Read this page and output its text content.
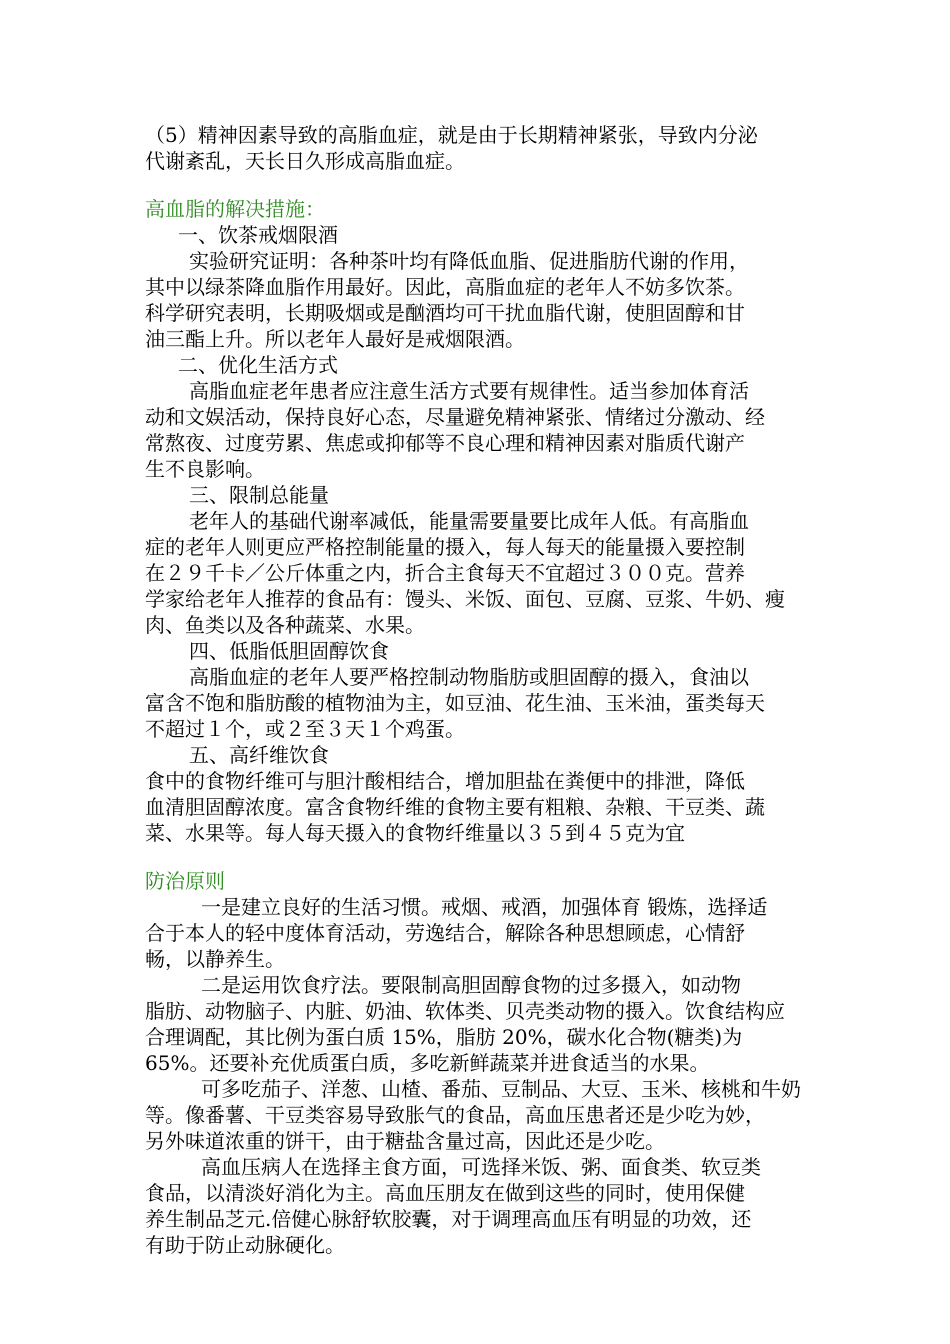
（5）精神因素导致的高脂血症，就是由于长期精神紧张，导致内分泌
代谢紊乱，天长日久形成高脂血症。
高血脂的解决措施：
一、饮茶戒烟限酒
实验研究证明：各种茶叶均有降低血脂、促进脂肪代谢的作用，
其中以绿茶降血脂作用最好。因此，高脂血症的老年人不妨多饮茶。
科学研究表明，长期吸烟或是酗酒均可干扰血脂代谢，使胆固醇和甘
油三酯上升。所以老年人最好是戒烟限酒。
二、优化生活方式
高脂血症老年患者应注意生活方式要有规律性。适当参加体育活
动和文娱活动，保持良好心态，尽量避免精神紧张、情绪过分激动、经
常熬夜、过度劳累、焦虑或抑郁等不良心理和精神因素对脂质代谢产
生不良影响。
三、限制总能量
老年人的基础代谢率减低，能量需要量要比成年人低。有高脂血
症的老年人则更应严格控制能量的摄入，每人每天的能量摄入要控制
在２９千卡／公斤体重之内，折合主食每天不宜超过３００克。营养
学家给老年人推荐的食品有：馒头、米饭、面包、豆腐、豆浆、牛奶、瘦
肉、鱼类以及各种蔬菜、水果。
四、低脂低胆固醇饮食
高脂血症的老年人要严格控制动物脂肪或胆固醇的摄入，食油以
富含不饱和脂肪酸的植物油为主，如豆油、花生油、玉米油，蛋类每天
不超过１个，或２至３天１个鸡蛋。
五、高纤维饮食
食中的食物纤维可与胆汁酸相结合，增加胆盐在粪便中的排泄，降低
血清胆固醇浓度。富含食物纤维的食物主要有粗粮、杂粮、干豆类、蔬
菜、水果等。每人每天摄入的食物纤维量以３５到４５克为宜
防治原则
一是建立良好的生活习惯。戒烟、戒酒，加强体育 锻炼，选择适
合于本人的轻中度体育活动，劳逸结合，解除各种思想顾虑，心情舒
畅，以静养生。
二是运用饮食疗法。要限制高胆固醇食物的过多摄入，如动物
脂肪、动物脑子、内脏、奶油、软体类、贝壳类动物的摄入。饮食结构应
合理调配，其比例为蛋白质 15%，脂肪 20%，碳水化合物(糖类)为
65%。还要补充优质蛋白质，多吃新鲜蔬菜并进食适当的水果。
可多吃茄子、洋葱、山楂、番茄、豆制品、大豆、玉米、核桃和牛奶
等。像番薯、干豆类容易导致胀气的食品，高血压患者还是少吃为妙，
另外味道浓重的饼干，由于糖盐含量过高，因此还是少吃。
高血压病人在选择主食方面，可选择米饭、粥、面食类、软豆类
食品，以清淡好消化为主。高血压朋友在做到这些的同时，使用保健
养生制品芝元.倍健心脉舒软胶囊，对于调理高血压有明显的功效，还
有助于防止动脉硬化。
